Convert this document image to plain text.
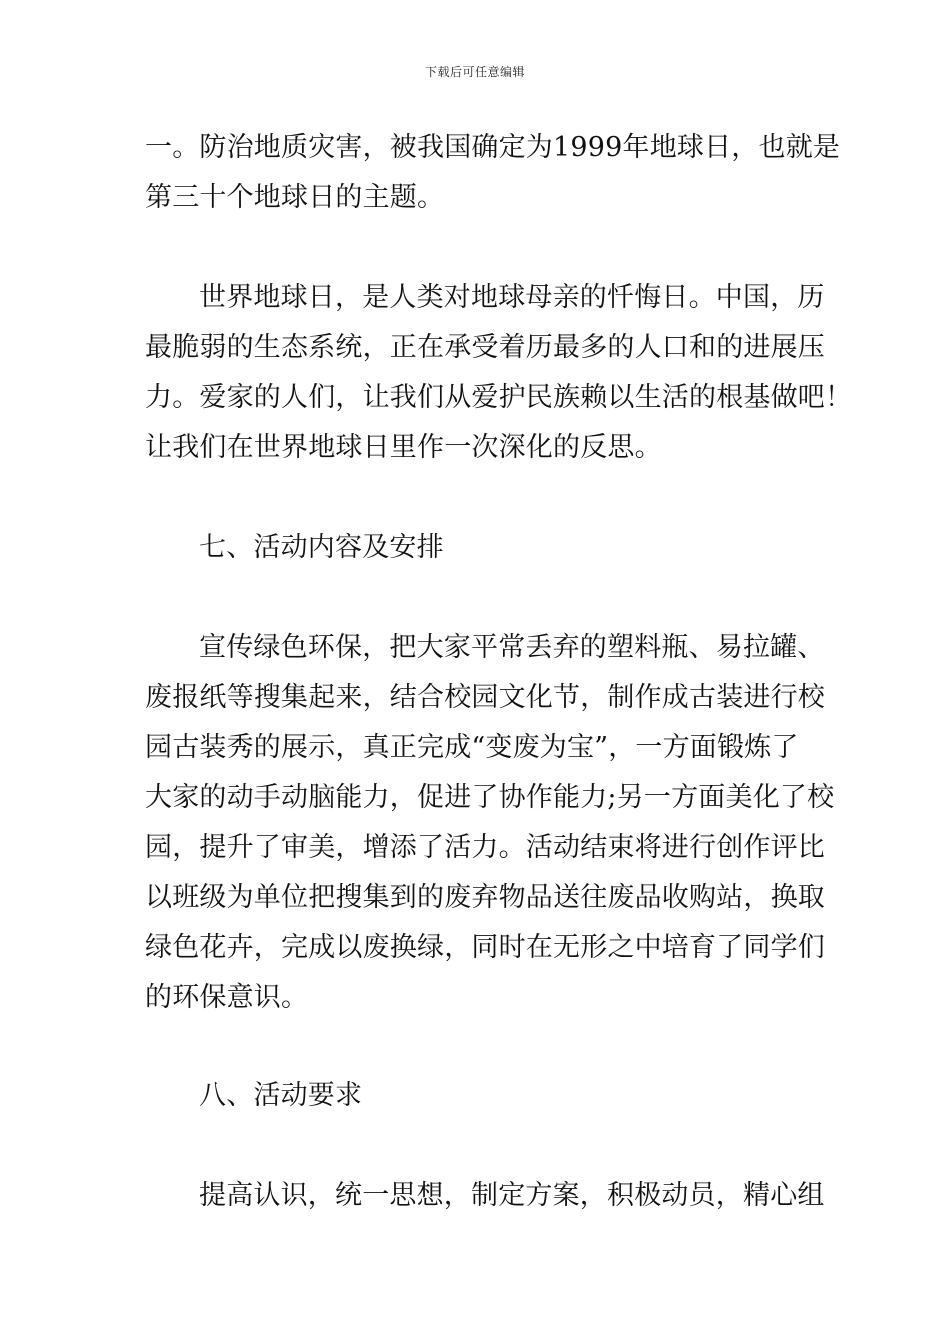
下载后可任意编辑
一。防治地质灾害，被我国确定为1999年地球日，也就是
第三十个地球日的主题。
世界地球日，是人类对地球母亲的忏悔日。中国，历
最脆弱的生态系统，正在承受着历最多的人口和的进展压
力。爱家的人们，让我们从爱护民族赖以生活的根基做吧！
让我们在世界地球日里作一次深化的反思。
七、活动内容及安排
宣传绿色环保，把大家平常丢弃的塑料瓶、易拉罐、
废报纸等搜集起来，结合校园文化节，制作成古装进行校
园古装秀的展示，真正完成“变废为宝”，一方面锻炼了
大家的动手动脑能力，促进了协作能力;另一方面美化了校
园，提升了审美，增添了活力。活动结束将进行创作评比
以班级为单位把搜集到的废弃物品送往废品收购站，换取
绿色花卉，完成以废换绿，同时在无形之中培育了同学们
的环保意识。
八、活动要求
提高认识，统一思想，制定方案，积极动员，精心组
